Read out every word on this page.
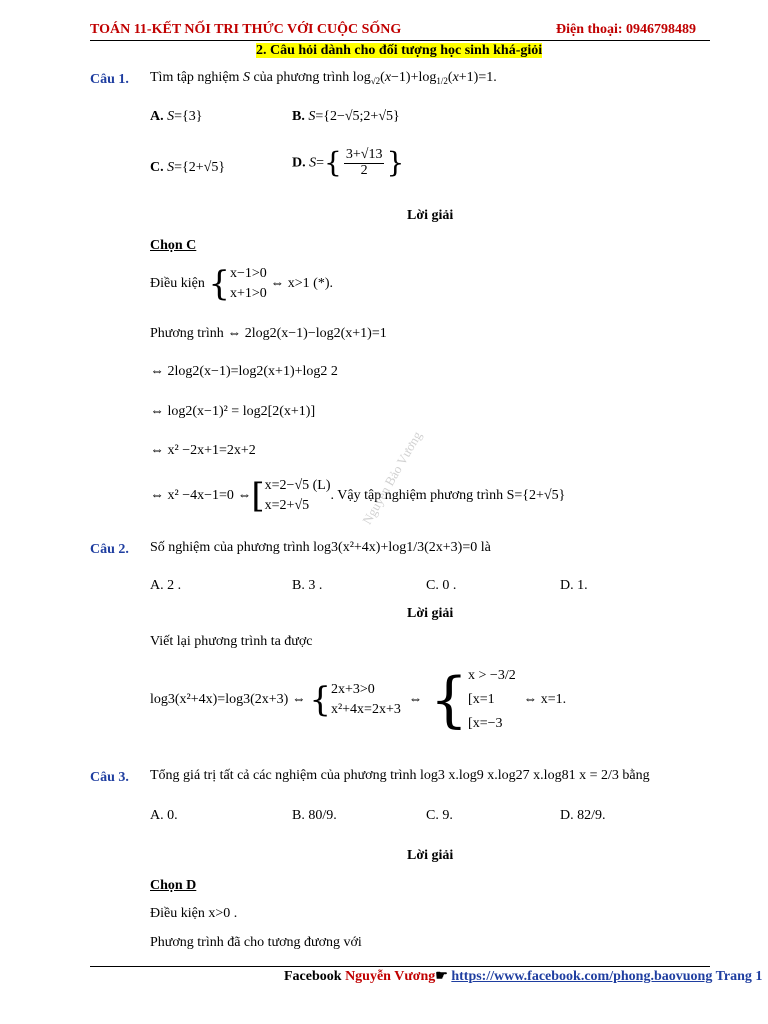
TOÁN 11-KẾT NỐI TRI THỨC VỚI CUỘC SỐNG	Điện thoại: 0946798489
2. Câu hỏi dành cho đối tượng học sinh khá-giỏi
Câu 1. Tìm tập nghiệm S của phương trình $\log_{√2}(x-1)+\log_{1/2}(x+1)=1$.
A. S={3}	B. S={2−√5;2+√5}
C. S={2+√5}	D. $S=\{ \frac{3+√13}{2}$ }
Lời giải
Chọn C
Điều kiện { x−1>0
x+1>0
⇔ x>1 (*).
Phương trình ⇔ 2log2(x−1)−log2(x+1)=1
⇔ 2log2(x−1)=log2(x+1)+log2 2
⇔ log2(x−1)² = log2[2(x+1)]
⇔ x² −2x+1=2x+2
⇔ x² −4x−1=0 ⇔[ x=2−√5 (L)
x=2+√5
. Vậy tập nghiệm phương trình S={2+√5}
Câu 2. Số nghiệm của phương trình log3(x²+4x)+log1/3(2x+3)=0 là
A. 2 .	B. 3 .	C. 0 .	D. 1.
Lời giải
Viết lại phương trình ta được
log3(x²+4x)=log3(2x+3) ⇔ { 2x+3>0
x²+4x=2x+3
⇔ { x > −3/2
[x=1
[x=−3
⇔ x=1.
Câu 3. Tổng giá trị tất cả các nghiệm của phương trình log3 x.log9 x.log27 x.log81 x = 2/3 bằng
A. 0.	B. 80/9.	C. 9.	D. 82/9.
Lời giải
Chọn D
Điều kiện x>0 .
Phương trình đã cho tương đương với
Nguyễn Bảo Vương
Facebook Nguyễn Vương☛ https://www.facebook.com/phong.baovuong Trang 1
